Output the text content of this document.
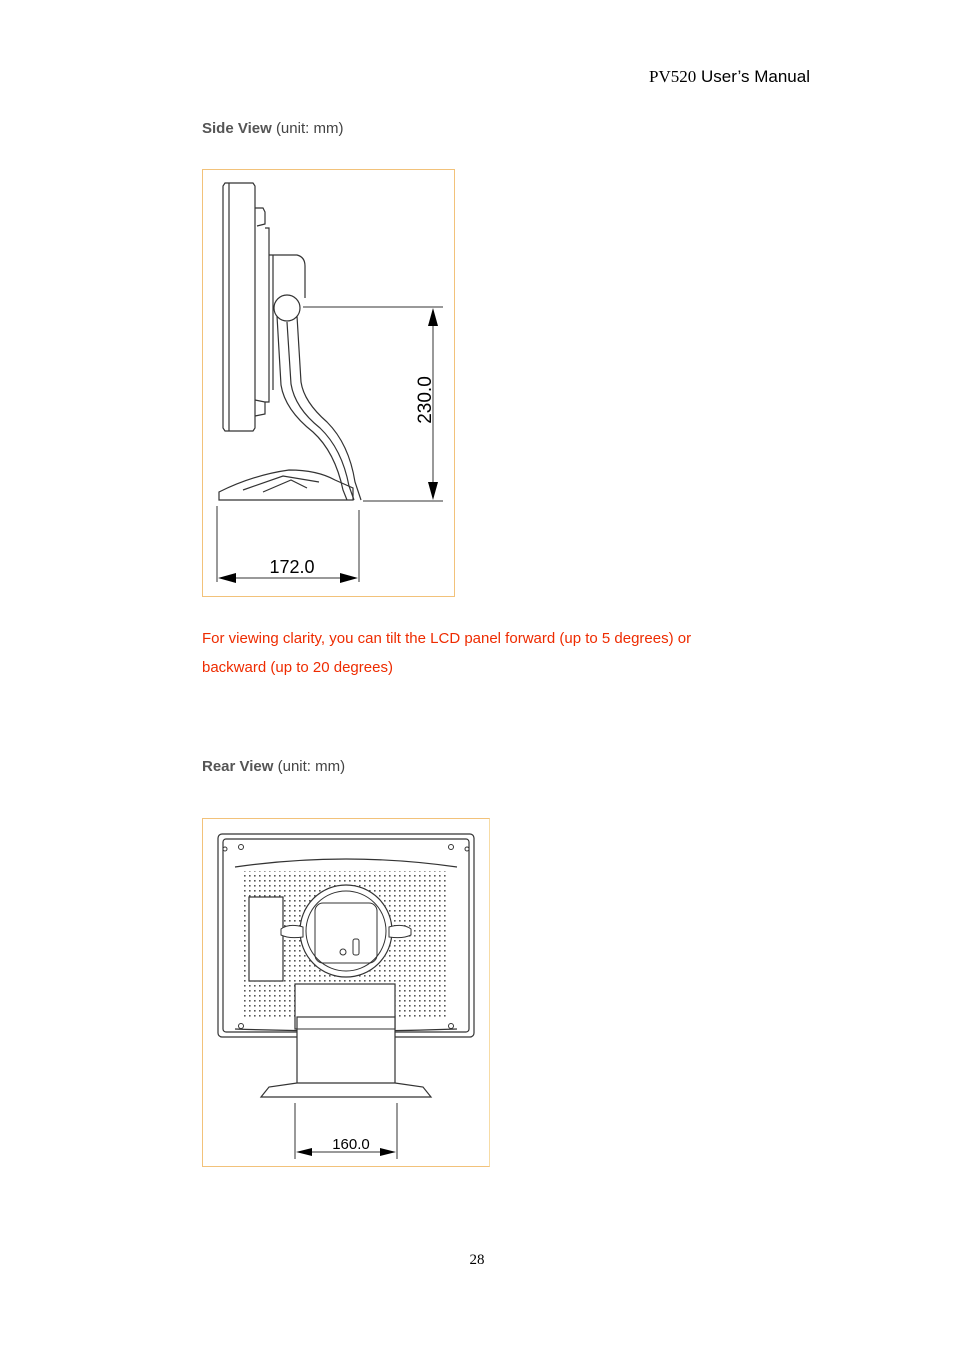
PV520 User’s Manual
Side View (unit: mm)
230.0
172.0
For viewing clarity, you can tilt the LCD panel forward (up to 5 degrees) or
backward (up to 20 degrees)
Rear View (unit: mm)
160.0
28
